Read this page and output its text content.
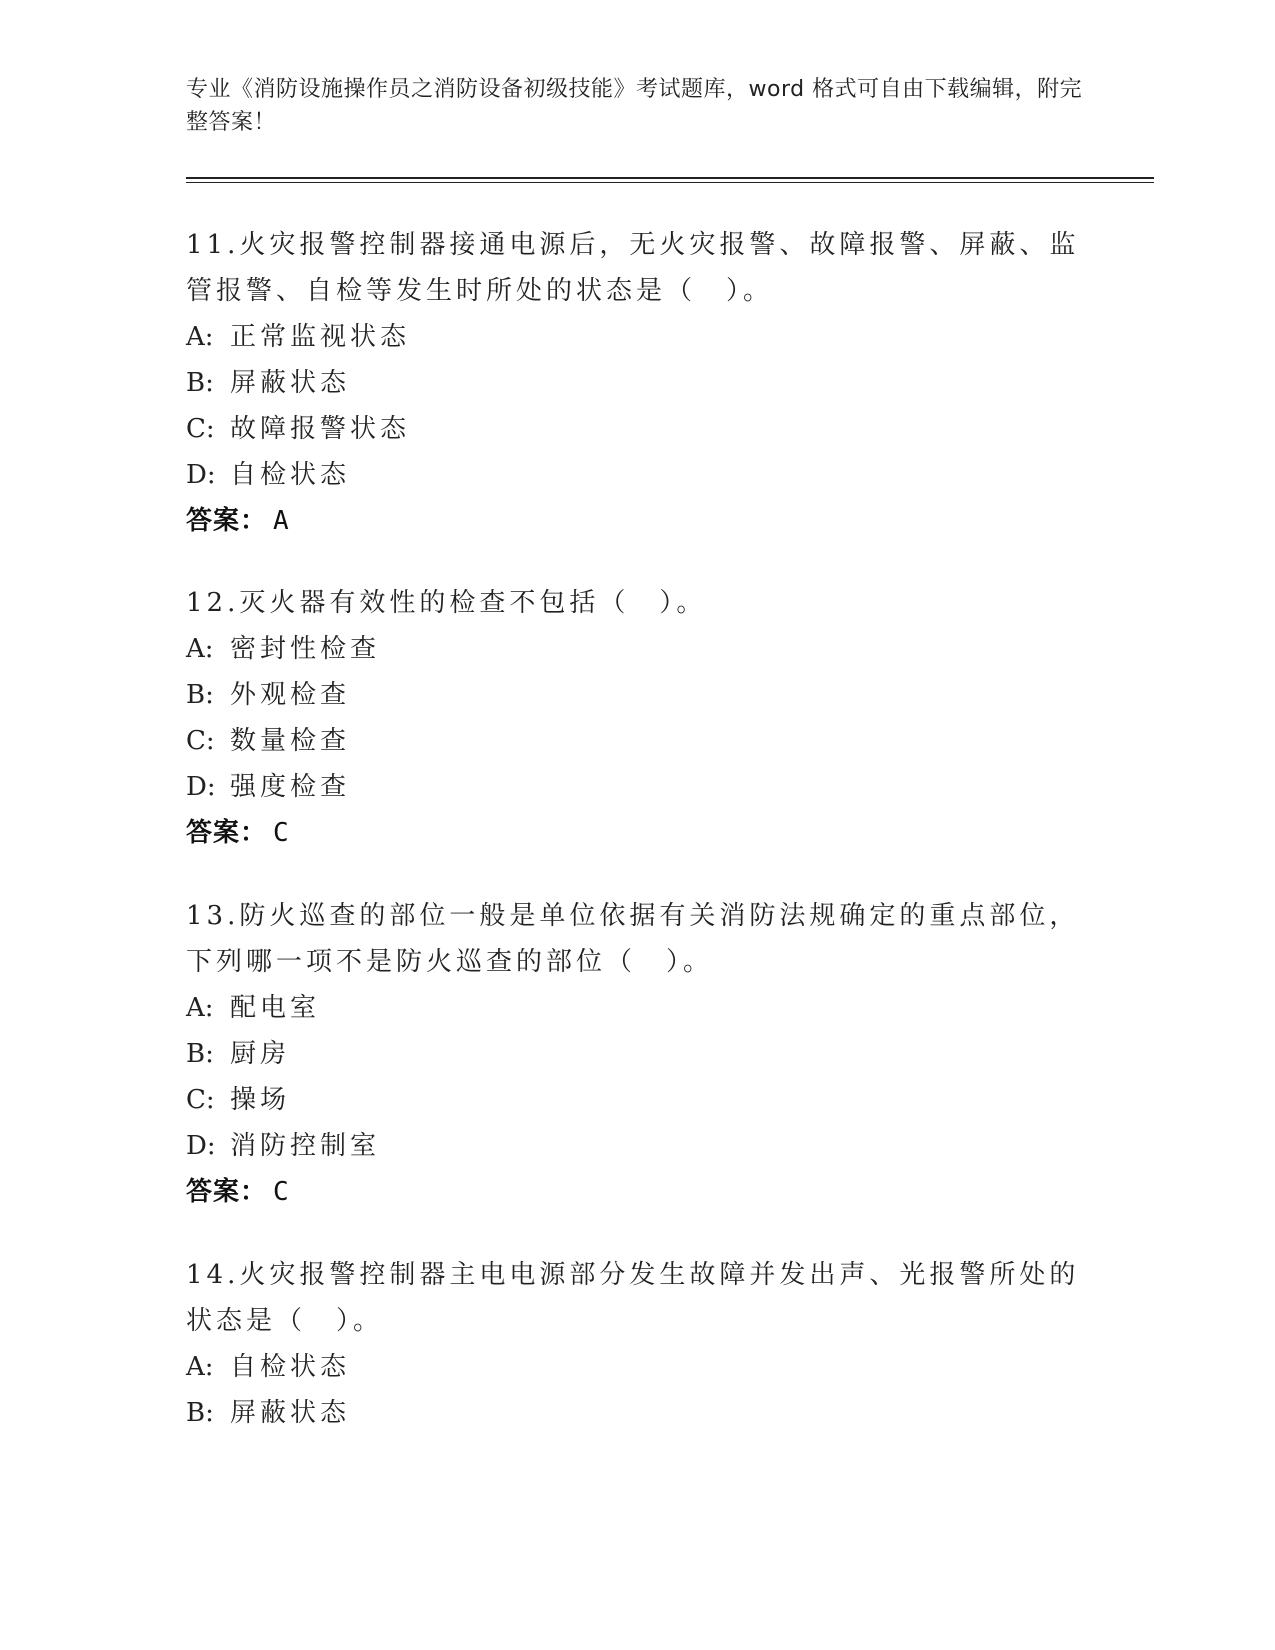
专业《消防设施操作员之消防设备初级技能》考试题库，word 格式可自由下载编辑，附完整答案！
11.火灾报警控制器接通电源后，无火灾报警、故障报警、屏蔽、监管报警、自检等发生时所处的状态是（　）。
A: 正常监视状态
B: 屏蔽状态
C: 故障报警状态
D: 自检状态
答案： A
12.灭火器有效性的检查不包括（　）。
A: 密封性检查
B: 外观检查
C: 数量检查
D: 强度检查
答案： C
13.防火巡查的部位一般是单位依据有关消防法规确定的重点部位，下列哪一项不是防火巡查的部位（　）。
A: 配电室
B: 厨房
C: 操场
D: 消防控制室
答案： C
14.火灾报警控制器主电电源部分发生故障并发出声、光报警所处的状态是（　）。
A: 自检状态
B: 屏蔽状态
